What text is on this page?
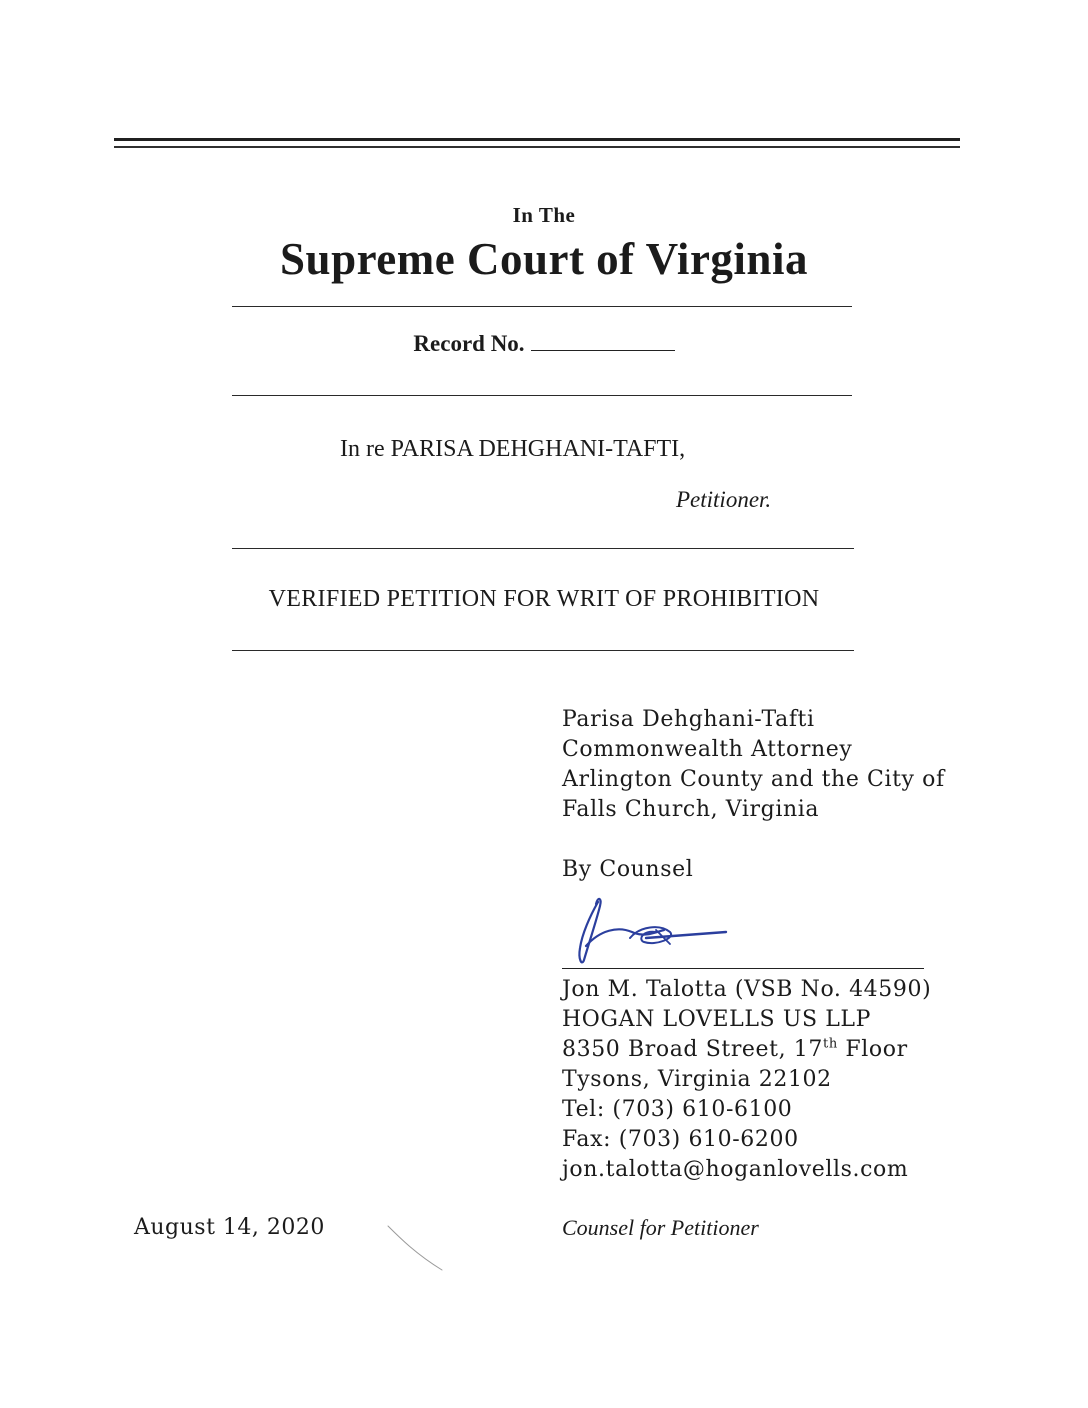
In The
Supreme Court of Virginia
Record No.
In re PARISA DEHGHANI-TAFTI,
Petitioner.
VERIFIED PETITION FOR WRIT OF PROHIBITION
Parisa Dehghani-Tafti
Commonwealth Attorney
Arlington County and the City of
Falls Church, Virginia
By Counsel
Jon M. Talotta (VSB No. 44590)
HOGAN LOVELLS US LLP
8350 Broad Street, 17th Floor
Tysons, Virginia 22102
Tel: (703) 610-6100
Fax: (703) 610-6200
jon.talotta@hoganlovells.com
August 14, 2020	Counsel for Petitioner
